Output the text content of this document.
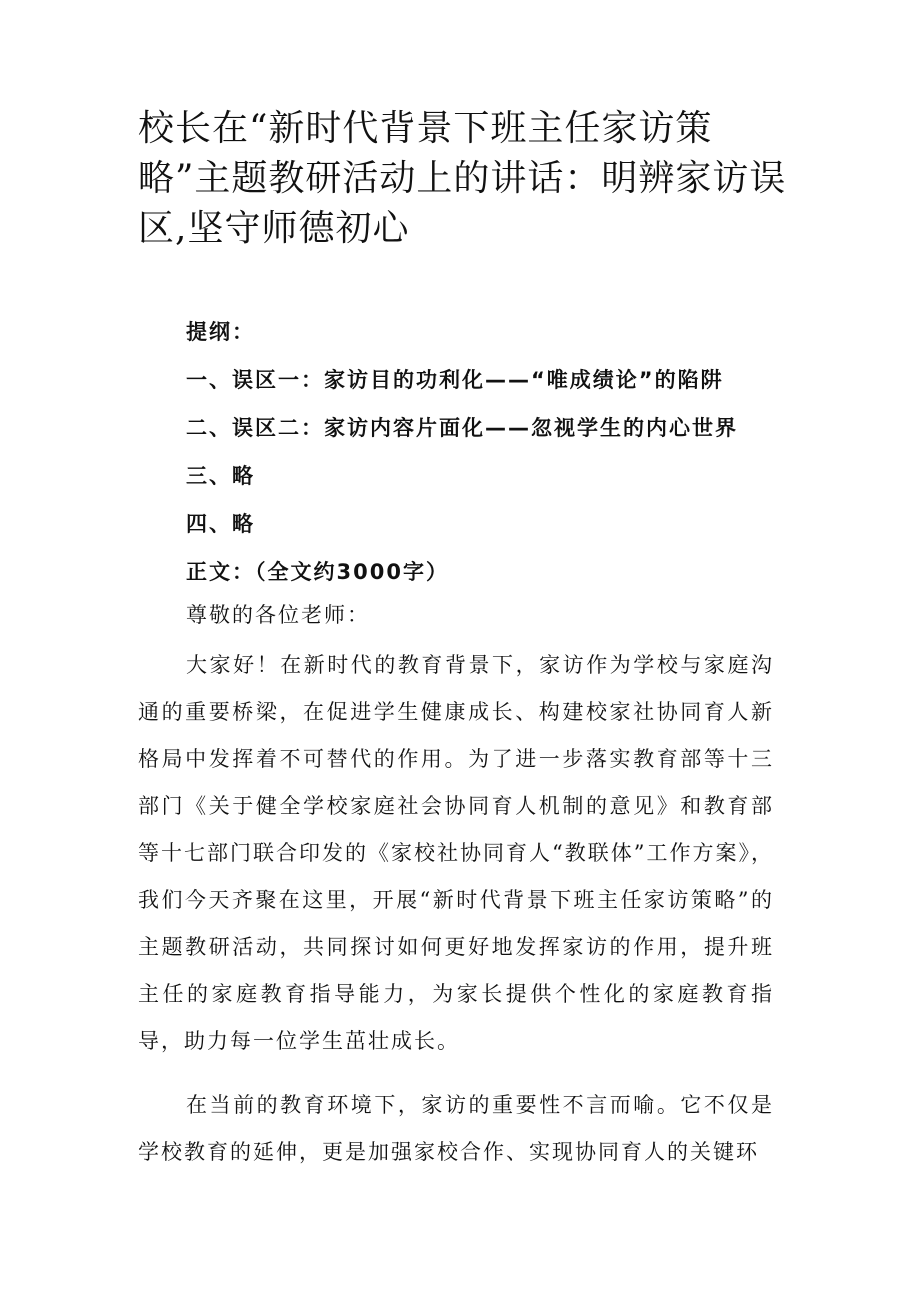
校长在“新时代背景下班主任家访策略”主题教研活动上的讲话：明辨家访误区,坚守师德初心
提纲：
一、误区一：家访目的功利化——“唯成绩论”的陷阱
二、误区二：家访内容片面化——忽视学生的内心世界
三、略
四、略
正文：（全文约3000字）
尊敬的各位老师：

大家好！在新时代的教育背景下，家访作为学校与家庭沟通的重要桥梁，在促进学生健康成长、构建校家社协同育人新格局中发挥着不可替代的作用。为了进一步落实教育部等十三部门《关于健全学校家庭社会协同育人机制的意见》和教育部等十七部门联合印发的《家校社协同育人“教联体”工作方案》，我们今天齐聚在这里，开展“新时代背景下班主任家访策略”的主题教研活动，共同探讨如何更好地发挥家访的作用，提升班主任的家庭教育指导能力，为家长提供个性化的家庭教育指导，助力每一位学生茁壮成长。

在当前的教育环境下，家访的重要性不言而喻。它不仅是学校教育的延伸，更是加强家校合作、实现协同育人的关键环
